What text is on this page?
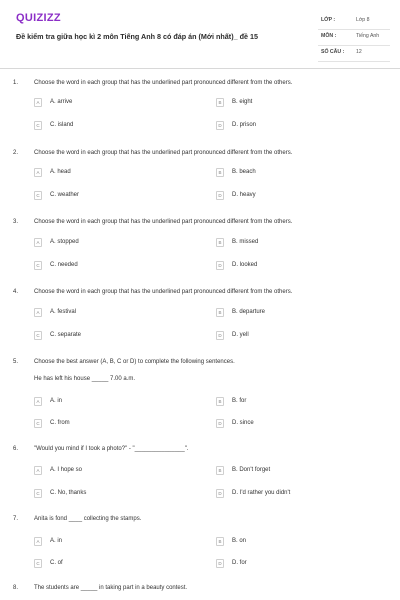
QUIZIZZ
Đề kiểm tra giữa học kì 2 môn Tiếng Anh 8 có đáp án (Mới nhất)_ đề 15
LỚP :	Lớp 8
MÔN :	Tiếng Anh
SỐ CÂU : 12
1.	Choose the word in each group that has the underlined part pronounced different from the others.
A	A. arrive	B	B. eight
C	C. island	D	D. prison
2.	Choose the word in each group that has the underlined part pronounced different from the others.
A	A. head	B	B. beach
C	C. weather	D	D. heavy
3.	Choose the word in each group that has the underlined part pronounced different from the others.
A	A. stopped	B	B. missed
C	C. needed	D	D. looked
4.	Choose the word in each group that has the underlined part pronounced different from the others.
A	A. festival	B	B. departure
C	C. separate	D	D. yell
5.	Choose the best answer (A, B, C or D) to complete the following sentences.
He has left his house _____ 7.00 a.m.
A	A. in	B	B. for
C	C. from	D	D. since
6.	"Would you mind if I took a photo?" - "_______________".
A	A. I hope so	B	B. Don't forget
C	C. No, thanks	D	D. I'd rather you didn't
7.	Anita is fond ____ collecting the stamps.
A	A. in	B	B. on
C	C. of	D	D. for
8.	The students are _____ in taking part in a beauty contest.
